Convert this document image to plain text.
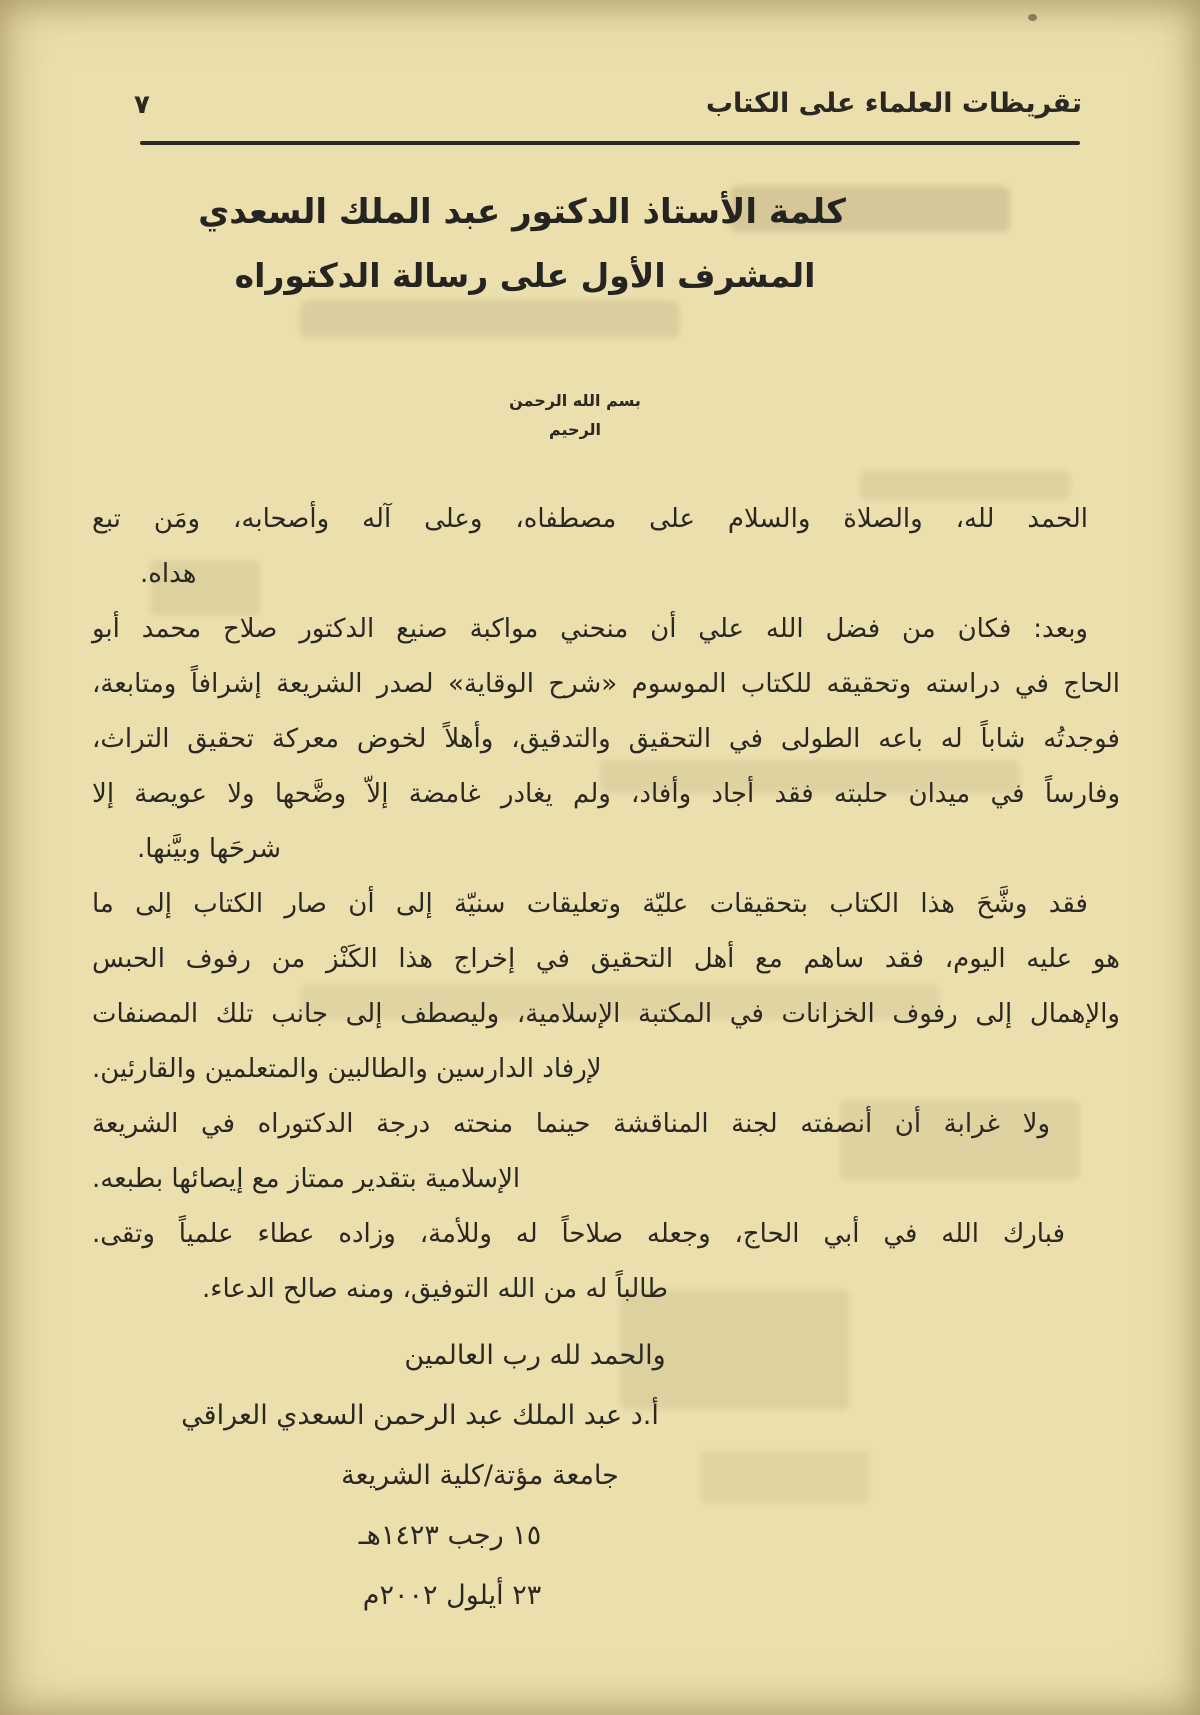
٧	تقريظات العلماء على الكتاب
كلمة الأستاذ الدكتور عبد الملك السعدي
المشرف الأول على رسالة الدكتوراه
بسم الله الرحمن الرحيم
الحمد لله، والصلاة والسلام على مصطفاه، وعلى آله وأصحابه، ومَن تبع
هداه.
وبعد: فكان من فضل الله علي أن منحني مواكبة صنيع الدكتور صلاح محمد أبو
الحاج في دراسته وتحقيقه للكتاب الموسوم «شرح الوقاية» لصدر الشريعة إشرافاً ومتابعة،
فوجدتُه شاباً له باعه الطولى في التحقيق والتدقيق، وأهلاً لخوض معركة تحقيق التراث،
وفارساً في ميدان حلبته فقد أجاد وأفاد، ولم يغادر غامضة إلاّ وضَّحها ولا عويصة إلا
شرحَها وبيَّنها.
فقد وشَّحَ هذا الكتاب بتحقيقات عليّة وتعليقات سنيّة إلى أن صار الكتاب إلى ما
هو عليه اليوم، فقد ساهم مع أهل التحقيق في إخراج هذا الكَنْز من رفوف الحبس
والإهمال إلى رفوف الخزانات في المكتبة الإسلامية، وليصطف إلى جانب تلك المصنفات
لإرفاد الدارسين والطالبين والمتعلمين والقارئين.
ولا غرابة أن أنصفته لجنة المناقشة حينما منحته درجة الدكتوراه في الشريعة
الإسلامية بتقدير ممتاز مع إيصائها بطبعه.
فبارك الله في أبي الحاج، وجعله صلاحاً له وللأمة، وزاده عطاء علمياً وتقى.
طالباً له من الله التوفيق، ومنه صالح الدعاء.
والحمد لله رب العالمين
أ.د عبد الملك عبد الرحمن السعدي العراقي
جامعة مؤتة/كلية الشريعة
١٥ رجب ١٤٢٣هـ
٢٣ أيلول ٢٠٠٢م
